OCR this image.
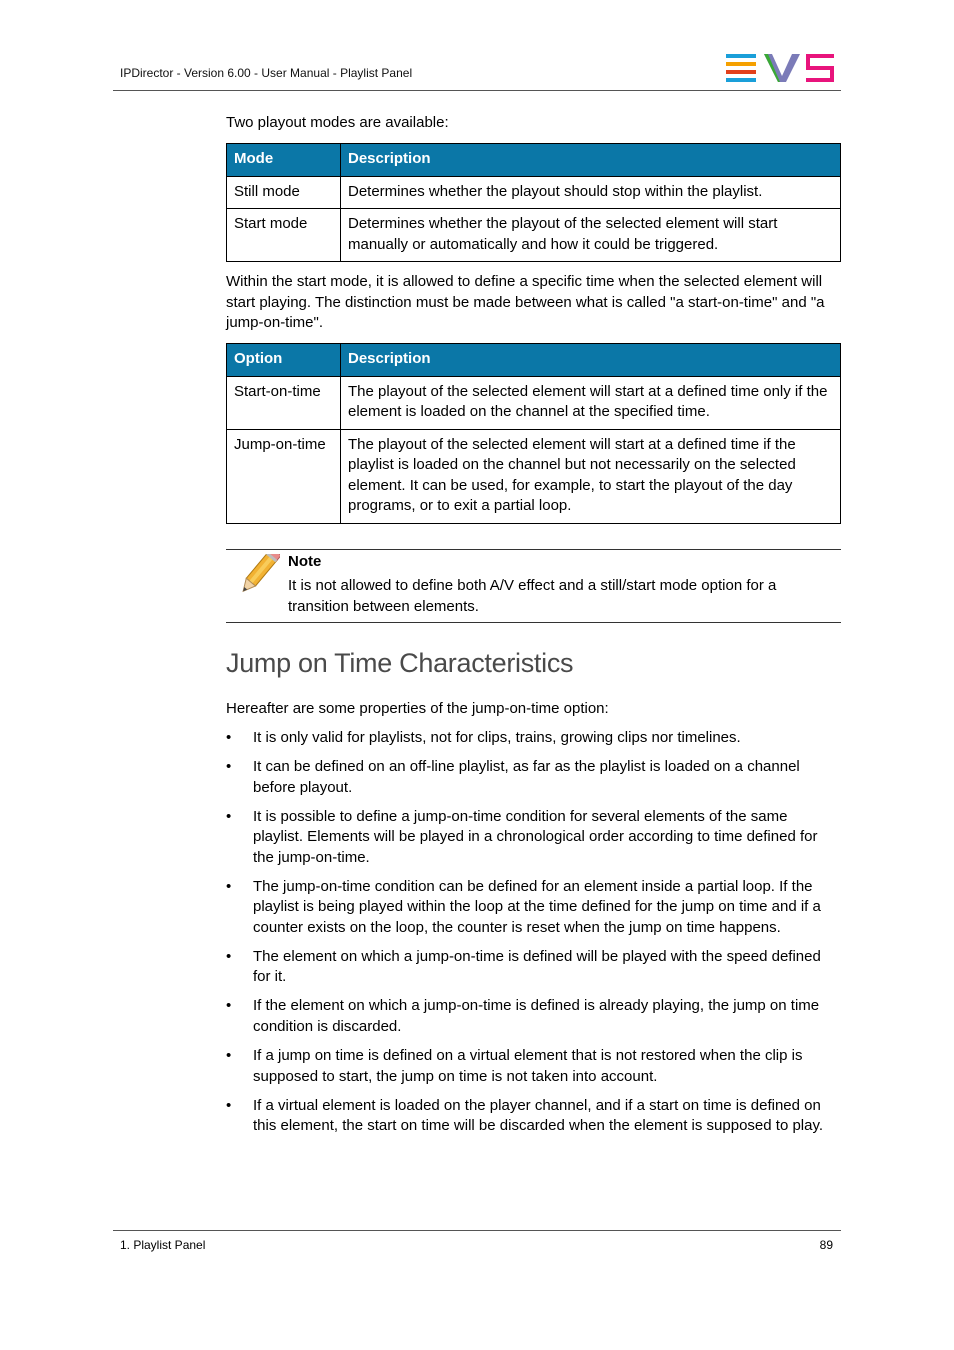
IPDirector - Version 6.00 - User Manual - Playlist Panel

Two playout modes are available:

Mode	Description
Still mode	Determines whether the playout should stop within the playlist.
Start mode	Determines whether the playout of the selected element will start manually or automatically and how it could be triggered.

Within the start mode, it is allowed to define a specific time when the selected element will start playing. The distinction must be made between what is called "a start-on-time" and "a jump-on-time".

Option	Description
Start-on-time	The playout of the selected element will start at a defined time only if the element is loaded on the channel at the specified time.
Jump-on-time	The playout of the selected element will start at a defined time if the playlist is loaded on the channel but not necessarily on the selected element. It can be used, for example, to start the playout of the day programs, or to exit a partial loop.
Note
It is not allowed to define both A/V effect and a still/start mode option for a transition between elements.
Jump on Time Characteristics

Hereafter are some properties of the jump-on-time option:

• It is only valid for playlists, not for clips, trains, growing clips nor timelines.
• It can be defined on an off-line playlist, as far as the playlist is loaded on a channel before playout.
• It is possible to define a jump-on-time condition for several elements of the same playlist. Elements will be played in a chronological order according to time defined for the jump-on-time.
• The jump-on-time condition can be defined for an element inside a partial loop. If the playlist is being played within the loop at the time defined for the jump on time and if a counter exists on the loop, the counter is reset when the jump on time happens.
• The element on which a jump-on-time is defined will be played with the speed defined for it.
• If the element on which a jump-on-time is defined is already playing, the jump on time condition is discarded.
• If a jump on time is defined on a virtual element that is not restored when the clip is supposed to start, the jump on time is not taken into account.
• If a virtual element is loaded on the player channel, and if a start on time is defined on this element, the start on time will be discarded when the element is supposed to play.
1. Playlist Panel	89
